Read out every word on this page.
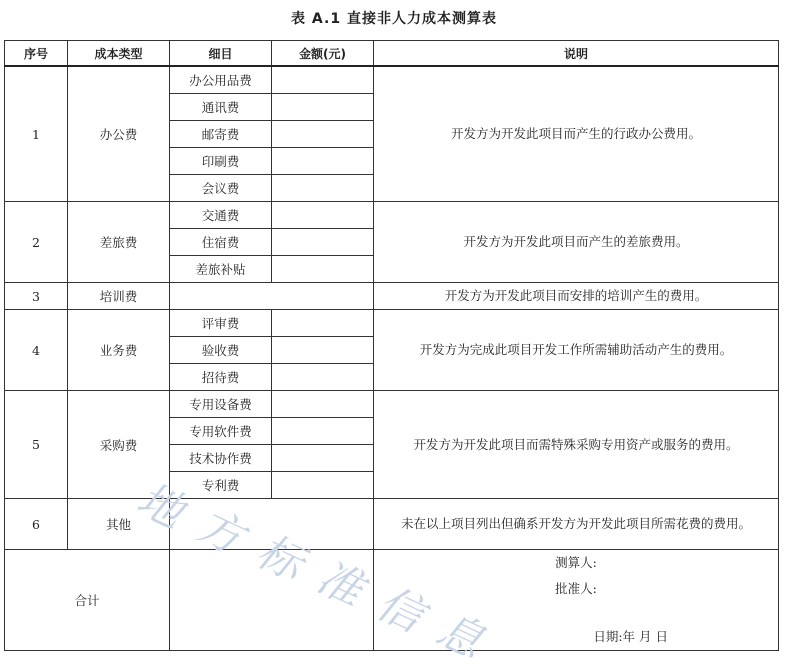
表 A.1 直接非人力成本测算表
序号	成本类型	细目	金额(元)	说明
1	办公费	办公用品费		开发方为开发此项目而产生的行政办公费用。
		通讯费		
		邮寄费		
		印刷费		
		会议费		
2	差旅费	交通费		开发方为开发此项目而产生的差旅费用。
		住宿费		
		差旅补贴		
3	培训费			开发方为开发此项目而安排的培训产生的费用。
4	业务费	评审费		开发方为完成此项目开发工作所需辅助活动产生的费用。
		验收费		
		招待费		
5	采购费	专用设备费		开发方为开发此项目而需特殊采购专用资产或服务的费用。
		专用软件费		
		技术协作费		
		专利费		
6	其他			未在以上项目列出但确系开发方为开发此项目所需花费的费用。
合计				测算人:
批准人:
日期:年 月 日
地
方
标
准
信
息
